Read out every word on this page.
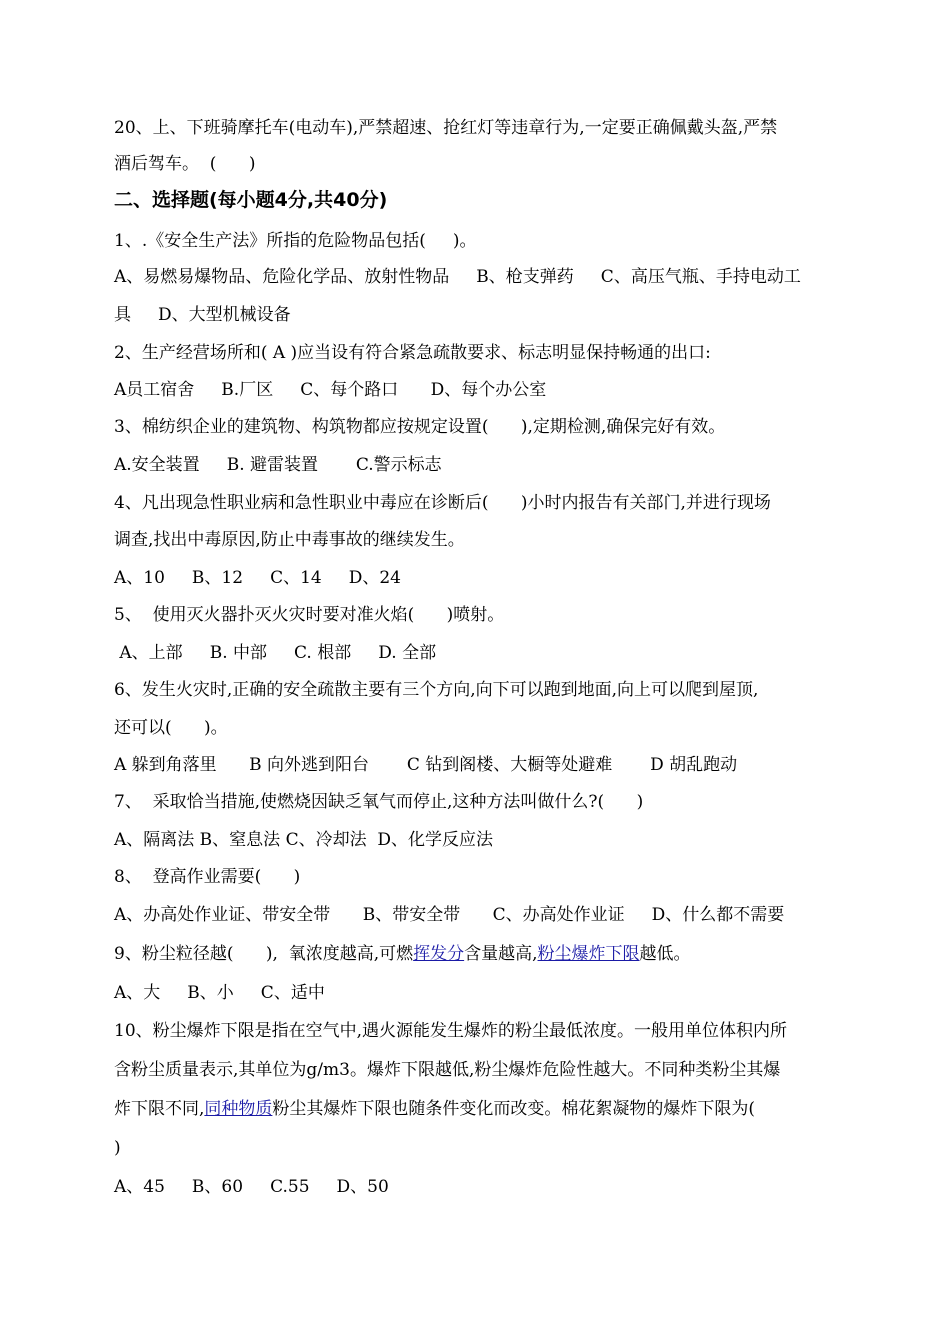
20、上、下班骑摩托车(电动车),严禁超速、抢红灯等违章行为,一定要正确佩戴头盔,严禁
酒后驾车。  (      )
二、选择题(每小题4分,共40分)
1、.《安全生产法》所指的危险物品包括(     )。
A、易燃易爆物品、危险化学品、放射性物品     B、枪支弹药     C、高压气瓶、手持电动工
具     D、大型机械设备
2、生产经营场所和( A )应当设有符合紧急疏散要求、标志明显保持畅通的出口:
A员工宿舍     B.厂区     C、每个路口      D、每个办公室
3、棉纺织企业的建筑物、构筑物都应按规定设置(      ),定期检测,确保完好有效。
A.安全装置     B. 避雷装置       C.警示标志
4、凡出现急性职业病和急性职业中毒应在诊断后(      )小时内报告有关部门,并进行现场
调查,找出中毒原因,防止中毒事故的继续发生。
A、10     B、12     C、14     D、24
5、  使用灭火器扑灭火灾时要对准火焰(      )喷射。
A、上部     B. 中部     C. 根部     D. 全部
6、发生火灾时,正确的安全疏散主要有三个方向,向下可以跑到地面,向上可以爬到屋顶,
还可以(      )。
A 躲到角落里      B 向外逃到阳台       C 钻到阁楼、大橱等处避难       D 胡乱跑动
7、  采取恰当措施,使燃烧因缺乏氧气而停止,这种方法叫做什么?(      )
A、隔离法 B、窒息法 C、冷却法  D、化学反应法
8、  登高作业需要(      )
A、办高处作业证、带安全带      B、带安全带      C、办高处作业证     D、什么都不需要
9、粉尘粒径越(      ),  氧浓度越高,可燃挥发分含量越高,粉尘爆炸下限越低。
A、大     B、小     C、适中
10、粉尘爆炸下限是指在空气中,遇火源能发生爆炸的粉尘最低浓度。一般用单位体积内所
含粉尘质量表示,其单位为g/m3。爆炸下限越低,粉尘爆炸危险性越大。不同种类粉尘其爆
炸下限不同,同种物质粉尘其爆炸下限也随条件变化而改变。棉花絮凝物的爆炸下限为(
)
A、45     B、60     C.55     D、50
